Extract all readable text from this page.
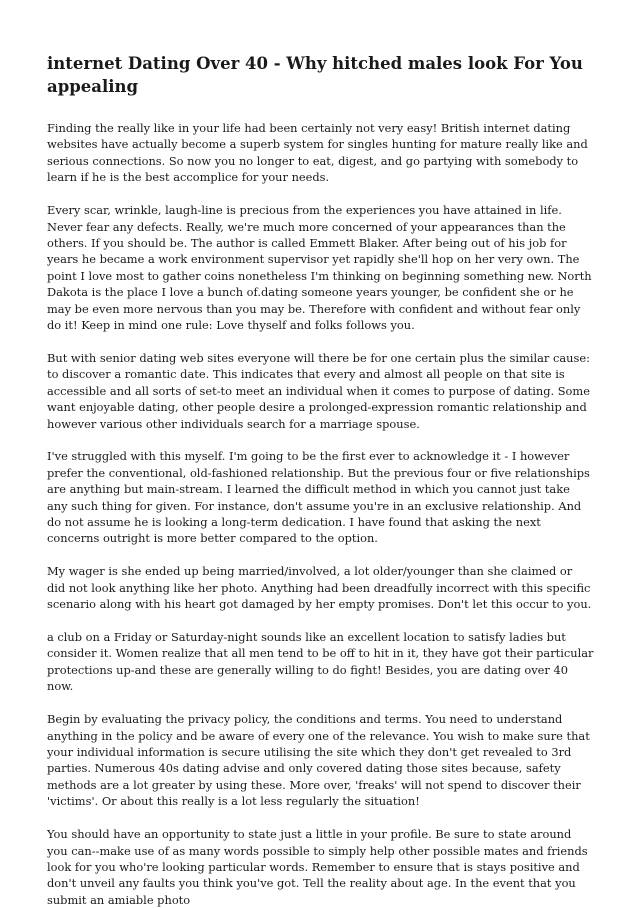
internet Dating Over 40 - Why hitched males look For You appealing

Finding the really like in your life had been certainly not very easy! British internet dating websites have actually become a superb system for singles hunting for mature really like and serious connections. So now you no longer to eat, digest, and go partying with somebody to learn if he is the best accomplice for your needs.

Every scar, wrinkle, laugh-line is precious from the experiences you have attained in life. Never fear any defects. Really, we're much more concerned of your appearances than the others. If you should be. The author is called Emmett Blaker. After being out of his job for years he became a work environment supervisor yet rapidly she'll hop on her very own. The point I love most to gather coins nonetheless I'm thinking on beginning something new. North Dakota is the place I love a bunch of.dating someone years younger, be confident she or he may be even more nervous than you may be. Therefore with confident and without fear only do it! Keep in mind one rule: Love thyself and folks follows you.

But with senior dating web sites everyone will there be for one certain plus the similar cause: to discover a romantic date. This indicates that every and almost all people on that site is accessible and all sorts of set-to meet an individual when it comes to purpose of dating. Some want enjoyable dating, other people desire a prolonged-expression romantic relationship and however various other individuals search for a marriage spouse.

I've struggled with this myself. I'm going to be the first ever to acknowledge it - I however prefer the conventional, old-fashioned relationship. But the previous four or five relationships are anything but main-stream. I learned the difficult method in which you cannot just take any such thing for given. For instance, don't assume you're in an exclusive relationship. And do not assume he is looking a long-term dedication. I have found that asking the next concerns outright is more better compared to the option.

My wager is she ended up being married/involved, a lot older/younger than she claimed or did not look anything like her photo. Anything had been dreadfully incorrect with this specific scenario along with his heart got damaged by her empty promises. Don't let this occur to you.

a club on a Friday or Saturday-night sounds like an excellent location to satisfy ladies but consider it. Women realize that all men tend to be off to hit in it, they have got their particular protections up-and these are generally willing to do fight! Besides, you are dating over 40 now.

Begin by evaluating the privacy policy, the conditions and terms. You need to understand anything in the policy and be aware of every one of the relevance. You wish to make sure that your individual information is secure utilising the site which they don't get revealed to 3rd parties. Numerous 40s dating advise and only covered dating those sites because, safety methods are a lot greater by using these. More over, 'freaks' will not spend to discover their 'victims'. Or about this really is a lot less regularly the situation!

You should have an opportunity to state just a little in your profile. Be sure to state around you can--make use of as many words possible to simply help other possible mates and friends look for you who're looking particular words. Remember to ensure that is stays positive and don't unveil any faults you think you've got. Tell the reality about age. In the event that you submit an amiable photo
